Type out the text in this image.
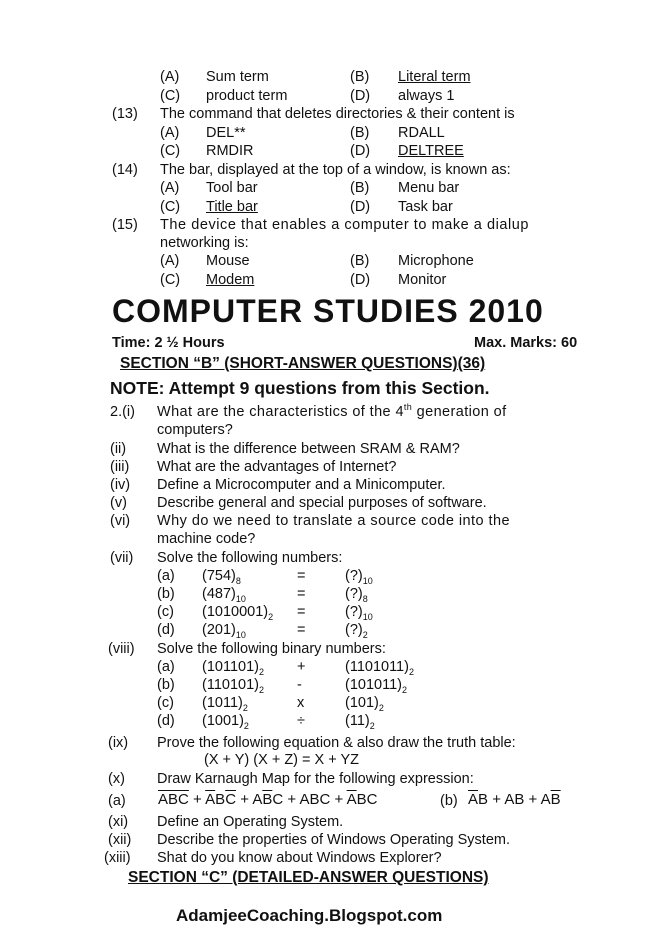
(A) Sum term	(B) Literal term
(C) product term	(D) always 1
(13) The command that deletes directories & their content is
(A) DEL**	(B) RDALL
(C) RMDIR	(D) DELTREE
(14) The bar, displayed at the top of a window, is known as:
(A) Tool bar	(B) Menu bar
(C) Title bar	(D) Task bar
(15) The device that enables a computer to make a dialup
networking is:
(A) Mouse	(B) Microphone
(C) Modem	(D) Monitor
COMPUTER STUDIES 2010
Time: 2 ½ Hours	Max. Marks: 60
SECTION “B” (SHORT-ANSWER QUESTIONS)(36)
NOTE: Attempt 9 questions from this Section.
2.(i) What are the characteristics of the 4th generation of
computers?
(ii) What is the difference between SRAM & RAM?
(iii) What are the advantages of Internet?
(iv) Define a Microcomputer and a Minicomputer.
(v) Describe general and special purposes of software.
(vi) Why do we need to translate a source code into the
machine code?
(vii) Solve the following numbers:
(a) $(754)_8$	=	$(?)_{10}$
(b) $(487)_{10}$	=	$(?)_8$
(c) $(1010001)_2$ =	$(?)_{10}$
(d) $(201)_{10}$	=	$(?)_2$
(viii) Solve the following binary numbers:
(a) $(101101)_2$ +	$(1101011)_2$
(b) $(110101)_2$ -	$(101011)_2$
(c) $(1011)_2$	x	$(101)_2$
(d) $(1001)_2$	÷	$(11)_2$
(ix) Prove the following equation & also draw the truth table:
(X + Y) (X + Z) = X + YZ
(x) Draw Karnaugh Map for the following expression:
(a) $\overline{A}\overline{B}\overline{C} + \overline{A}B\overline{C} + A\overline{B}C$ + ABC + $\overline{A}BC$	(b) $\overline{A}B$ + AB + $A\overline{B}$
(xi) Define an Operating System.
(xii) Describe the properties of Windows Operating System.
(xiii) Shat do you know about Windows Explorer?
SECTION “C” (DETAILED-ANSWER QUESTIONS)
AdamjeeCoaching.Blogspot.com
